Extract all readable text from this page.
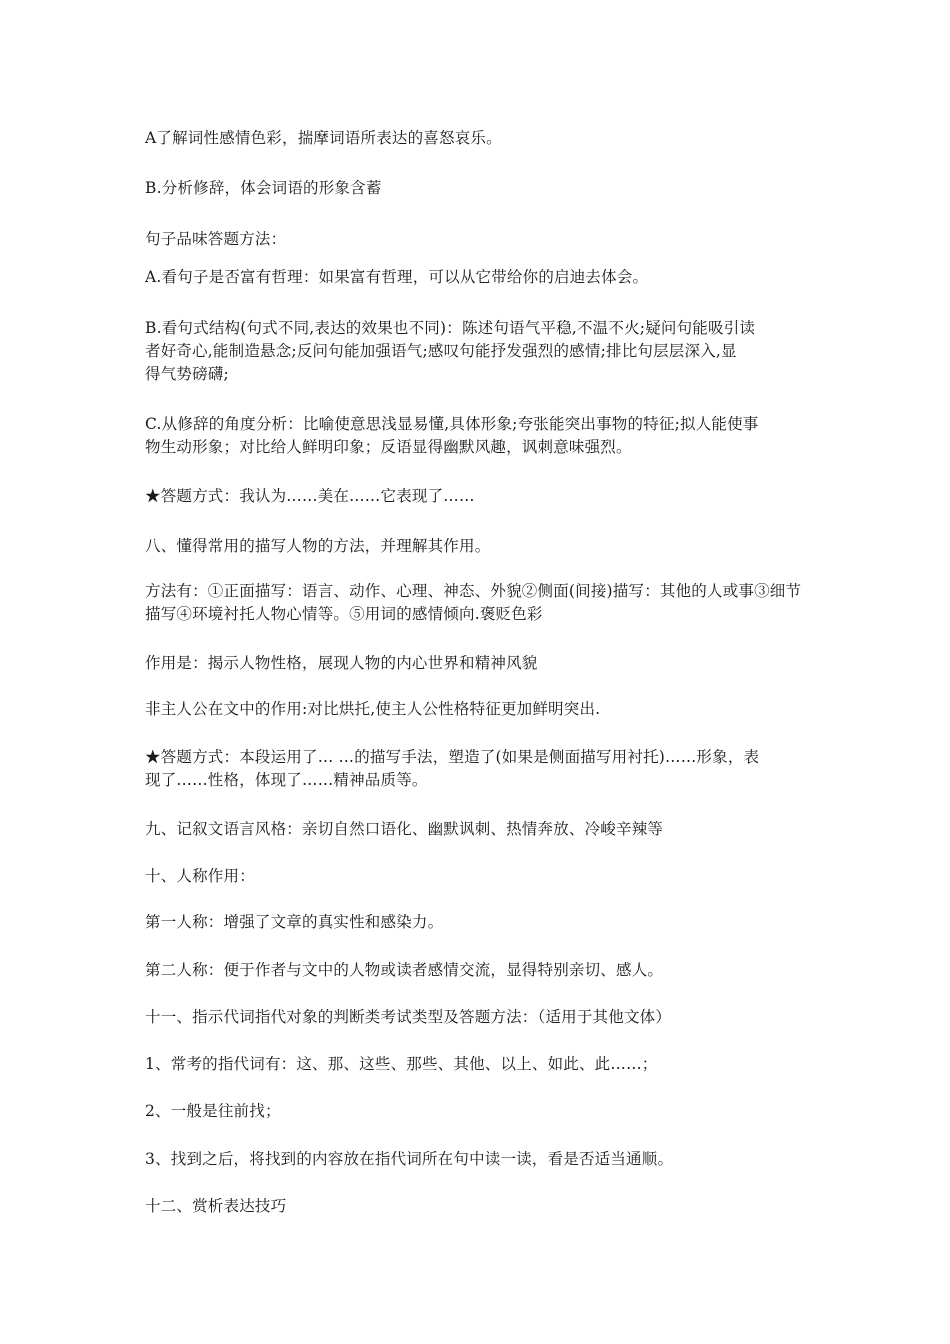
A了解词性感情色彩，揣摩词语所表达的喜怒哀乐。
B.分析修辞，体会词语的形象含蓄
句子品味答题方法：
A.看句子是否富有哲理：如果富有哲理，可以从它带给你的启迪去体会。
B.看句式结构(句式不同,表达的效果也不同)：陈述句语气平稳,不温不火;疑问句能吸引读
者好奇心,能制造悬念;反问句能加强语气;感叹句能抒发强烈的感情;排比句层层深入,显
得气势磅礴;
C.从修辞的角度分析：比喻使意思浅显易懂,具体形象;夸张能突出事物的特征;拟人能使事
物生动形象；对比给人鲜明印象；反语显得幽默风趣，讽刺意味强烈。
★答题方式：我认为……美在……它表现了……
八、懂得常用的描写人物的方法，并理解其作用。
方法有：①正面描写：语言、动作、心理、神态、外貌②侧面(间接)描写：其他的人或事③细节
描写④环境衬托人物心情等。⑤用词的感情倾向.褒贬色彩
作用是：揭示人物性格，展现人物的内心世界和精神风貌
非主人公在文中的作用:对比烘托,使主人公性格特征更加鲜明突出.
★答题方式：本段运用了… …的描写手法，塑造了(如果是侧面描写用衬托)……形象，表
现了……性格，体现了……精神品质等。
九、记叙文语言风格：亲切自然口语化、幽默讽刺、热情奔放、冷峻辛辣等
十、人称作用：
第一人称：增强了文章的真实性和感染力。
第二人称：便于作者与文中的人物或读者感情交流，显得特别亲切、感人。
十一、指示代词指代对象的判断类考试类型及答题方法：（适用于其他文体）
1、常考的指代词有：这、那、这些、那些、其他、以上、如此、此……；
2、一般是往前找；
3、找到之后，将找到的内容放在指代词所在句中读一读，看是否适当通顺。
十二、赏析表达技巧
